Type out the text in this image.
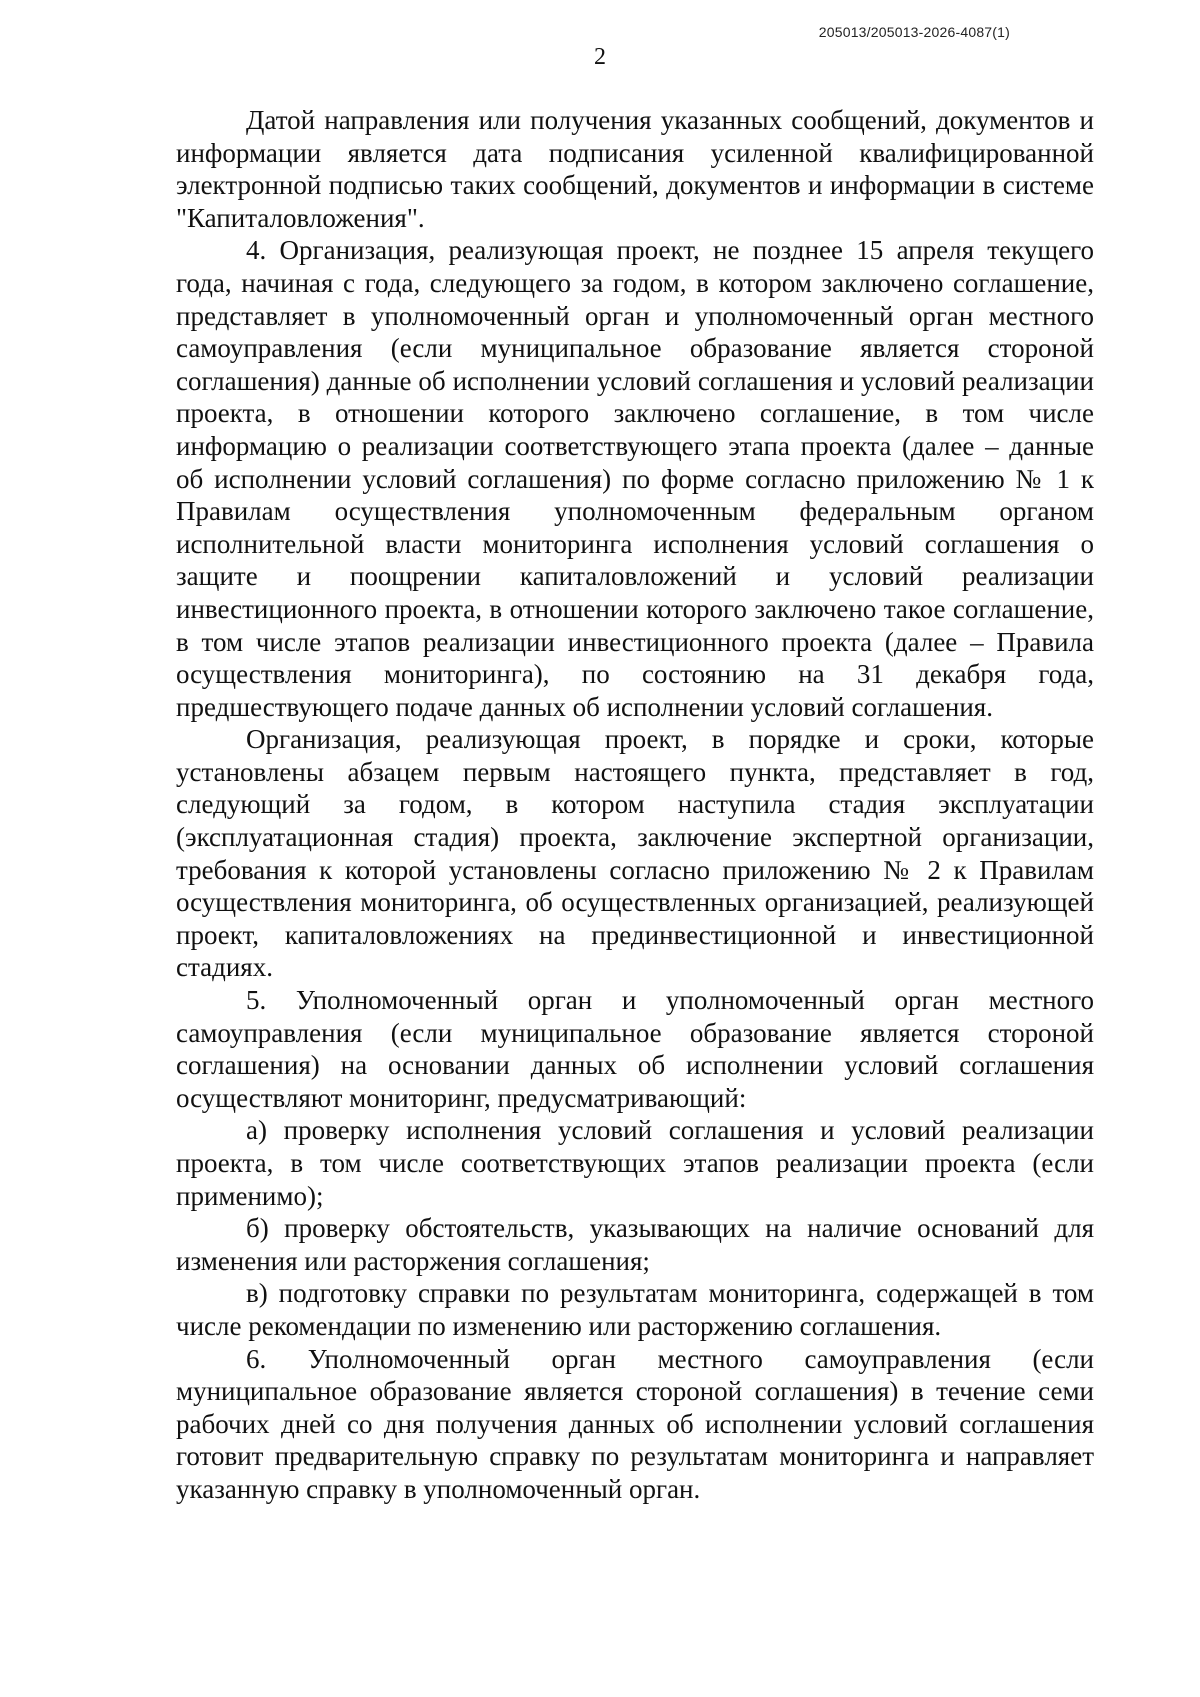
205013/205013-2026-4087(1)
2

Датой направления или получения указанных сообщений, документов и информации является дата подписания усиленной квалифицированной электронной подписью таких сообщений, документов и информации в системе "Капиталовложения".

4. Организация, реализующая проект, не позднее 15 апреля текущего года, начиная с года, следующего за годом, в котором заключено соглашение, представляет в уполномоченный орган и уполномоченный орган местного самоуправления (если муниципальное образование является стороной соглашения) данные об исполнении условий соглашения и условий реализации проекта, в отношении которого заключено соглашение, в том числе информацию о реализации соответствующего этапа проекта (далее – данные об исполнении условий соглашения) по форме согласно приложению № 1 к Правилам осуществления уполномоченным федеральным органом исполнительной власти мониторинга исполнения условий соглашения о защите и поощрении капиталовложений и условий реализации инвестиционного проекта, в отношении которого заключено такое соглашение, в том числе этапов реализации инвестиционного проекта (далее – Правила осуществления мониторинга), по состоянию на 31 декабря года, предшествующего подаче данных об исполнении условий соглашения.

Организация, реализующая проект, в порядке и сроки, которые установлены абзацем первым настоящего пункта, представляет в год, следующий за годом, в котором наступила стадия эксплуатации (эксплуатационная стадия) проекта, заключение экспертной организации, требования к которой установлены согласно приложению № 2 к Правилам осуществления мониторинга, об осуществленных организацией, реализующей проект, капиталовложениях на прединвестиционной и инвестиционной стадиях.

5. Уполномоченный орган и уполномоченный орган местного самоуправления (если муниципальное образование является стороной соглашения) на основании данных об исполнении условий соглашения осуществляют мониторинг, предусматривающий:

а) проверку исполнения условий соглашения и условий реализации проекта, в том числе соответствующих этапов реализации проекта (если применимо);

б) проверку обстоятельств, указывающих на наличие оснований для изменения или расторжения соглашения;

в) подготовку справки по результатам мониторинга, содержащей в том числе рекомендации по изменению или расторжению соглашения.

6. Уполномоченный орган местного самоуправления (если муниципальное образование является стороной соглашения) в течение семи рабочих дней со дня получения данных об исполнении условий соглашения готовит предварительную справку по результатам мониторинга и направляет указанную справку в уполномоченный орган.
